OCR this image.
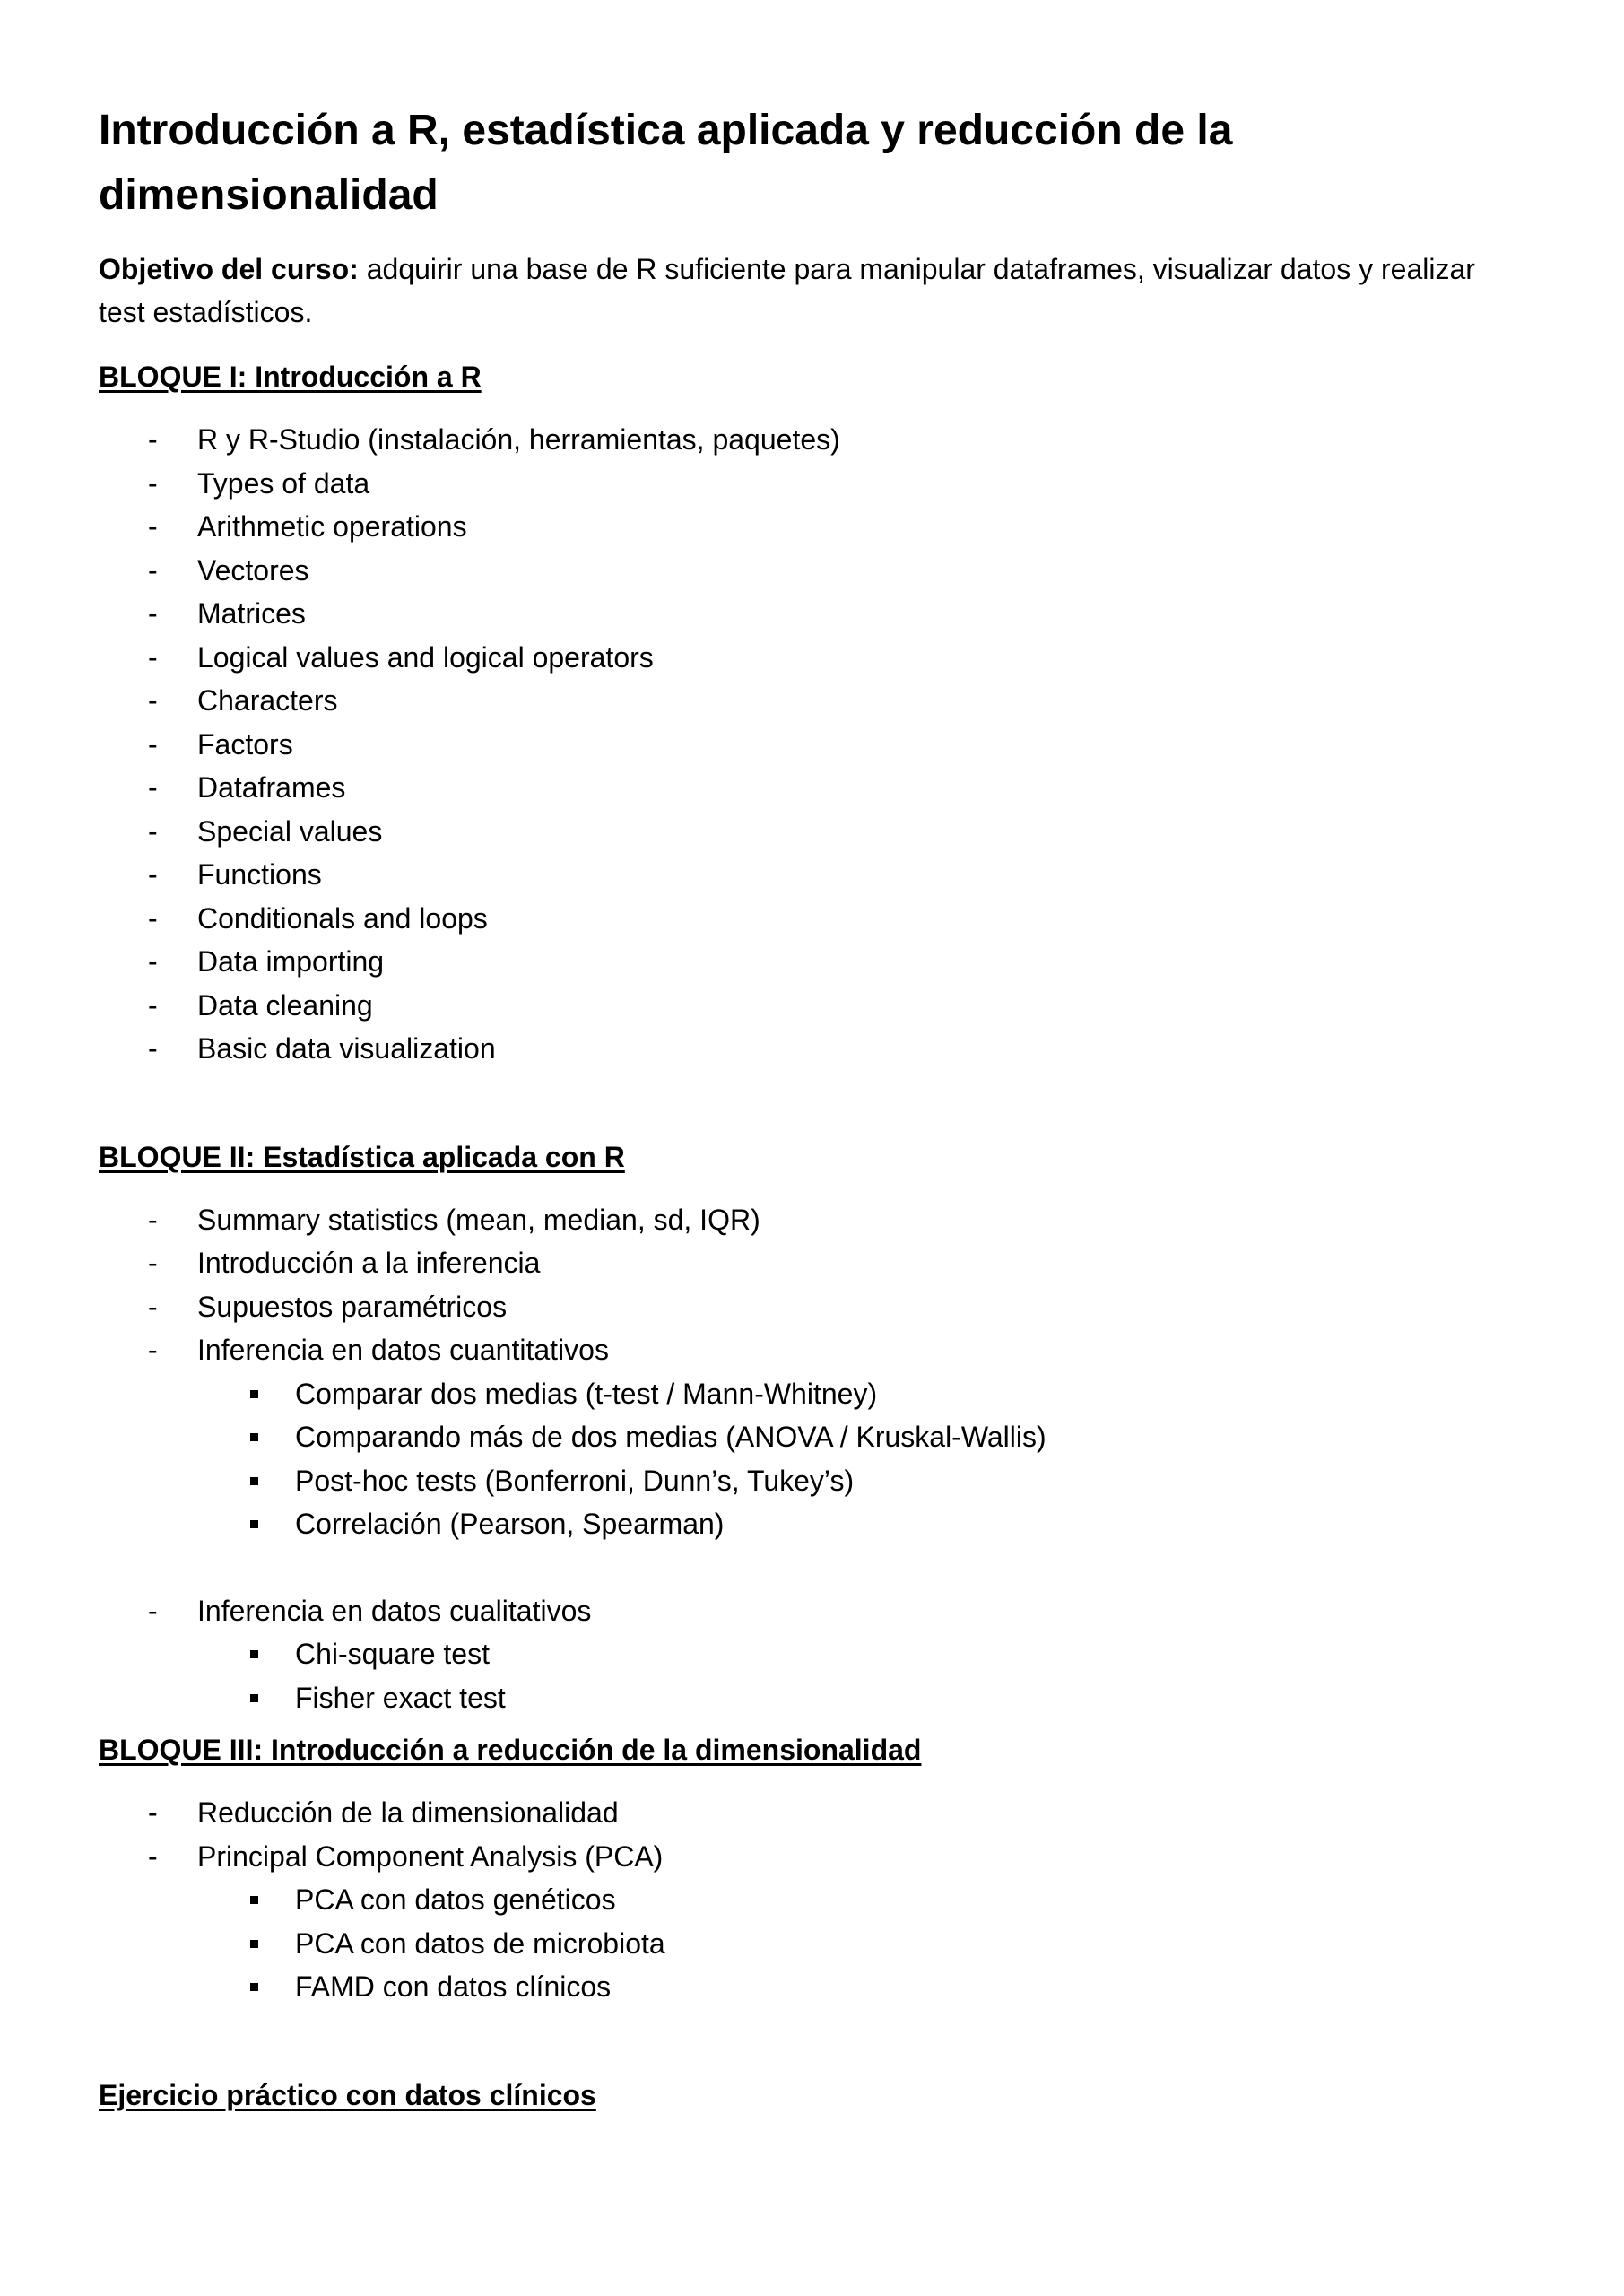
Introducción a R, estadística aplicada y reducción de la dimensionalidad

Objetivo del curso: adquirir una base de R suficiente para manipular dataframes, visualizar datos y realizar test estadísticos.

BLOQUE I: Introducción a R
- R y R-Studio (instalación, herramientas, paquetes)
- Types of data
- Arithmetic operations
- Vectores
- Matrices
- Logical values and logical operators
- Characters
- Factors
- Dataframes
- Special values
- Functions
- Conditionals and loops
- Data importing
- Data cleaning
- Basic data visualization
BLOQUE II: Estadística aplicada con R
- Summary statistics (mean, median, sd, IQR)
- Introducción a la inferencia
- Supuestos paramétricos
- Inferencia en datos cuantitativos
Comparar dos medias (t-test / Mann-Whitney)
Comparando más de dos medias (ANOVA / Kruskal-Wallis)
Post-hoc tests (Bonferroni, Dunn’s, Tukey’s)
Correlación (Pearson, Spearman)
- Inferencia en datos cualitativos
Chi-square test
Fisher exact test
BLOQUE III: Introducción a reducción de la dimensionalidad
- Reducción de la dimensionalidad
- Principal Component Analysis (PCA)
PCA con datos genéticos
PCA con datos de microbiota
FAMD con datos clínicos
Ejercicio práctico con datos clínicos
